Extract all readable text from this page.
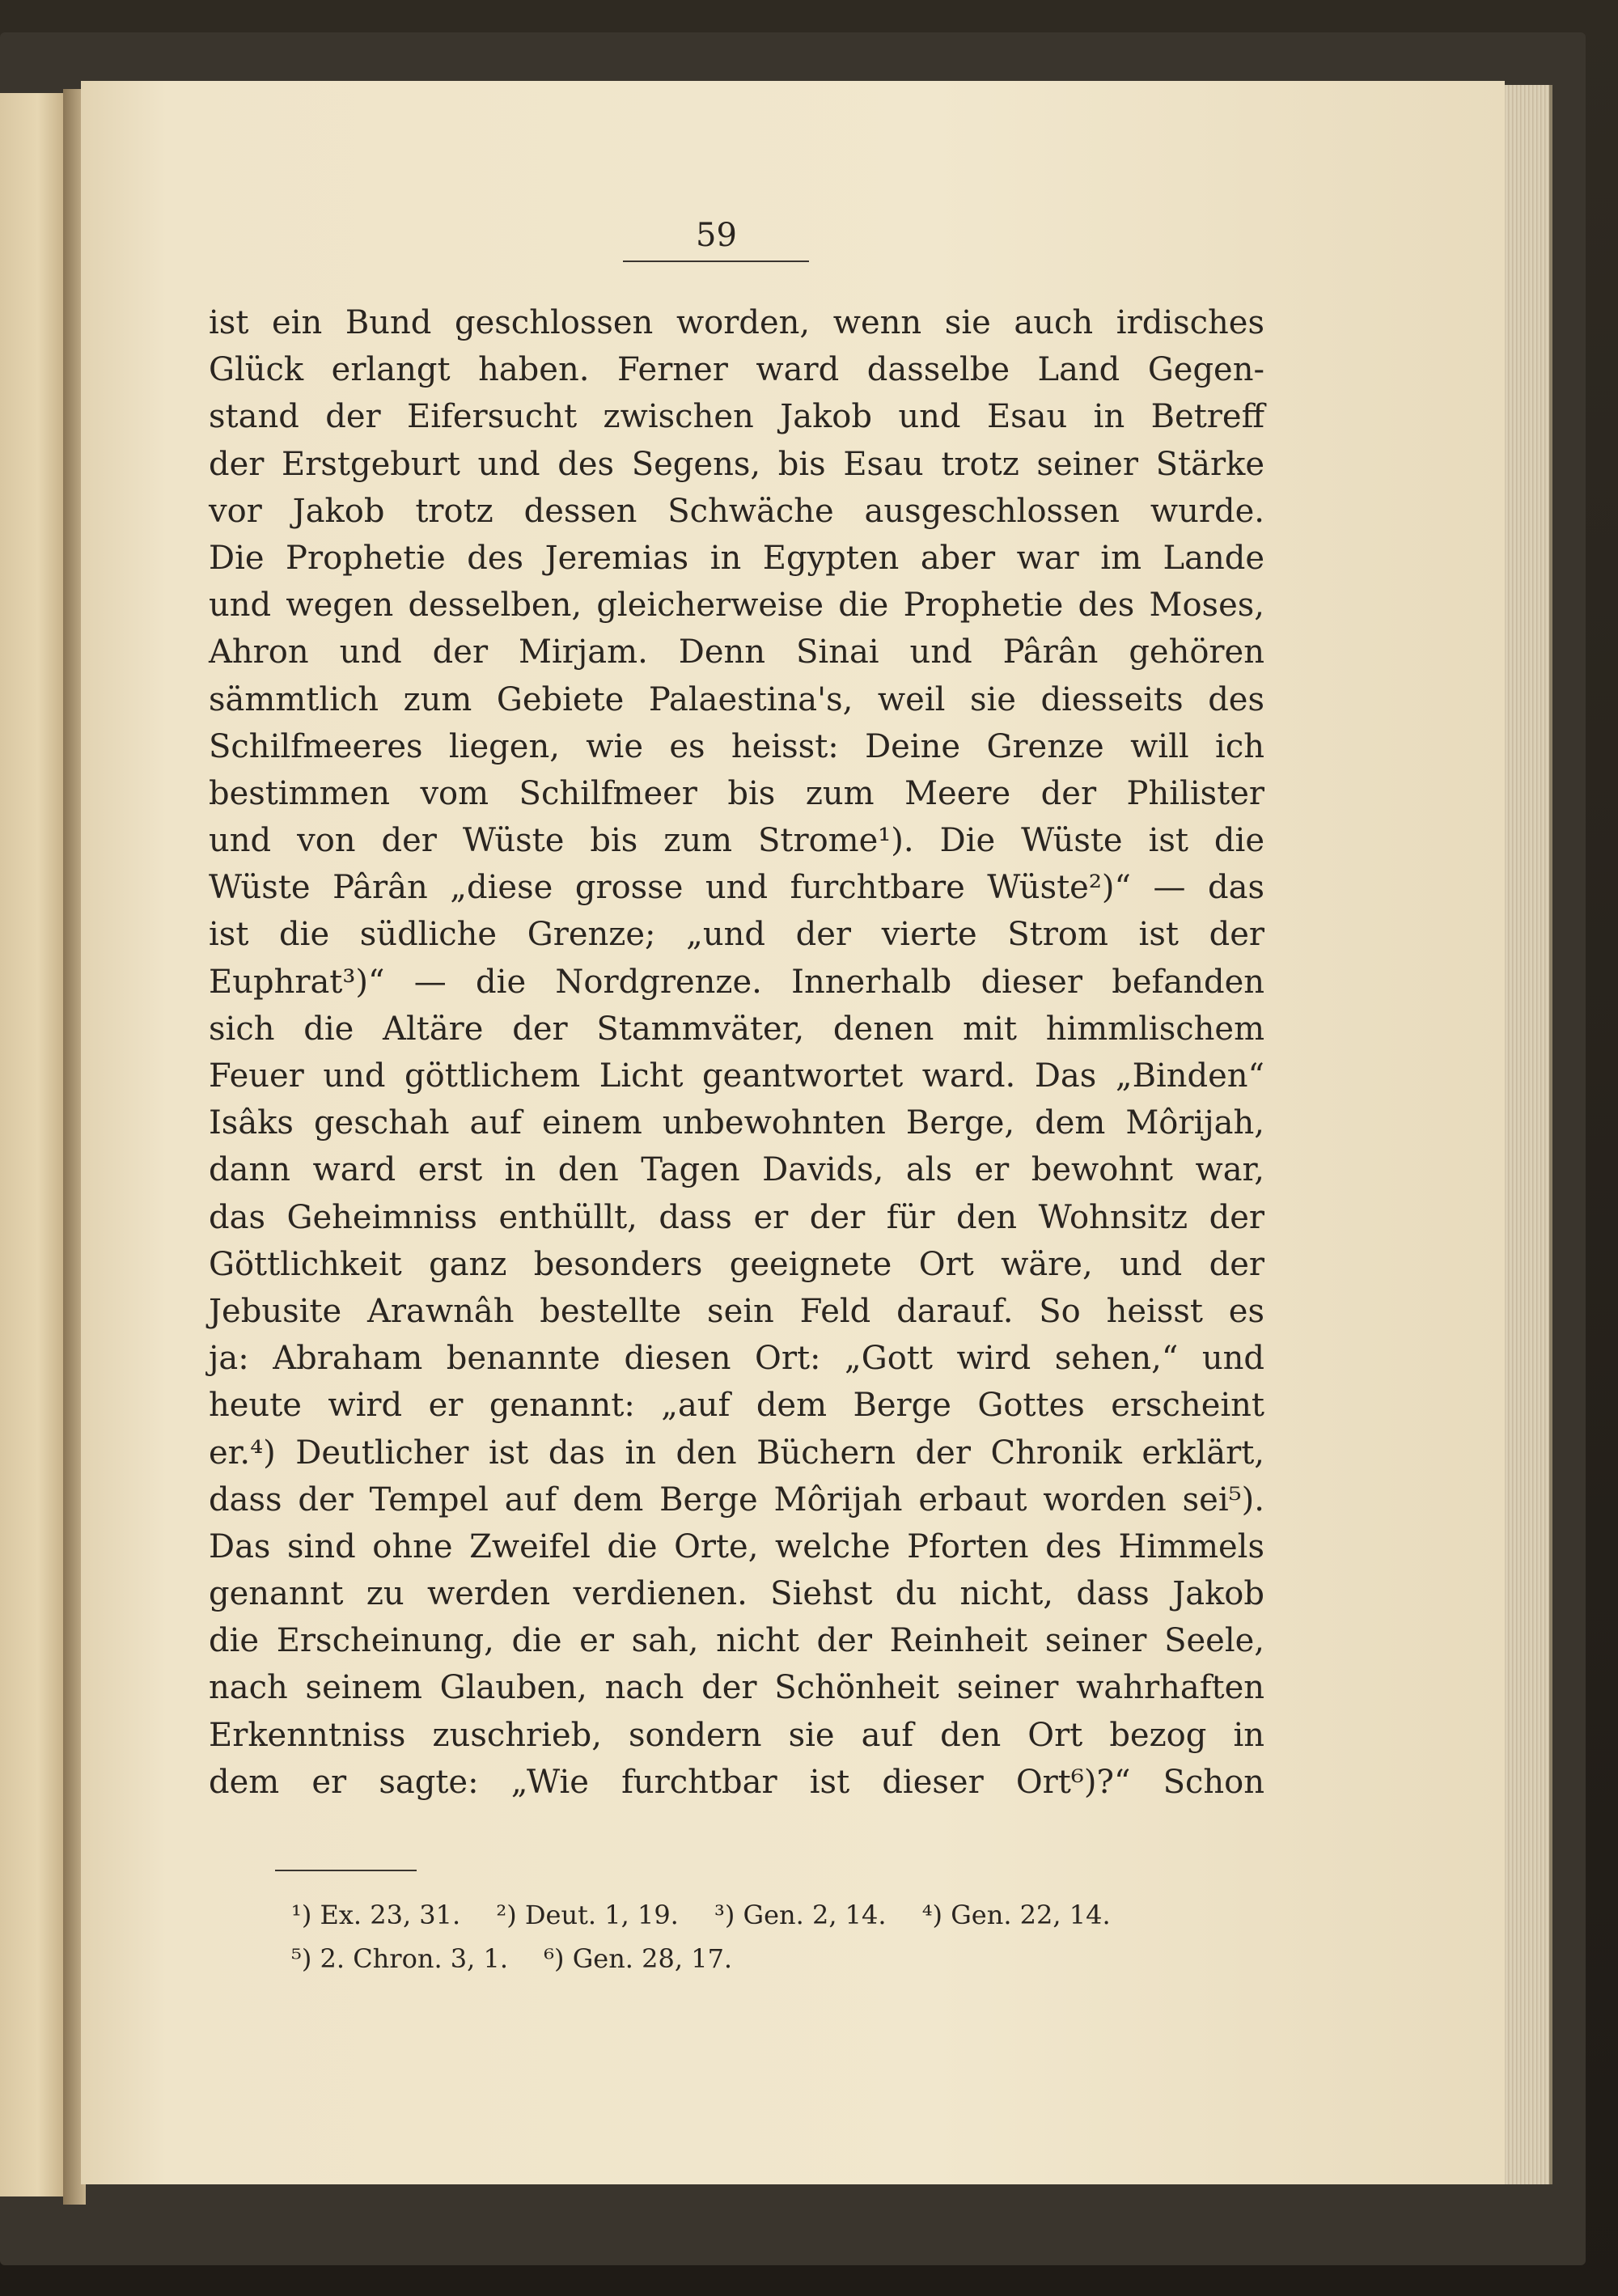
59
ist ein Bund geschlossen worden, wenn sie auch irdisches
Glück erlangt haben. Ferner ward dasselbe Land Gegen-
stand der Eifersucht zwischen Jakob und Esau in Betreff
der Erstgeburt und des Segens, bis Esau trotz seiner Stärke
vor Jakob trotz dessen Schwäche ausgeschlossen wurde.
Die Prophetie des Jeremias in Egypten aber war im Lande
und wegen desselben, gleicherweise die Prophetie des Moses,
Ahron und der Mirjam. Denn Sinai und Pârân gehören
sämmtlich zum Gebiete Palaestina's, weil sie diesseits des
Schilfmeeres liegen, wie es heisst: Deine Grenze will ich
bestimmen vom Schilfmeer bis zum Meere der Philister
und von der Wüste bis zum Strome¹). Die Wüste ist die
Wüste Pârân „diese grosse und furchtbare Wüste²)“ — das
ist die südliche Grenze; „und der vierte Strom ist der
Euphrat³)“ — die Nordgrenze. Innerhalb dieser befanden
sich die Altäre der Stammväter, denen mit himmlischem
Feuer und göttlichem Licht geantwortet ward. Das „Binden“
Isâks geschah auf einem unbewohnten Berge, dem Môrijah,
dann ward erst in den Tagen Davids, als er bewohnt war,
das Geheimniss enthüllt, dass er der für den Wohnsitz der
Göttlichkeit ganz besonders geeignete Ort wäre, und der
Jebusite Arawnâh bestellte sein Feld darauf. So heisst es
ja: Abraham benannte diesen Ort: „Gott wird sehen,“ und
heute wird er genannt: „auf dem Berge Gottes erscheint
er.⁴) Deutlicher ist das in den Büchern der Chronik erklärt,
dass der Tempel auf dem Berge Môrijah erbaut worden sei⁵).
Das sind ohne Zweifel die Orte, welche Pforten des Himmels
genannt zu werden verdienen. Siehst du nicht, dass Jakob
die Erscheinung, die er sah, nicht der Reinheit seiner Seele,
nach seinem Glauben, nach der Schönheit seiner wahrhaften
Erkenntniss zuschrieb, sondern sie auf den Ort bezog in
dem er sagte: „Wie furchtbar ist dieser Ort⁶)?“ Schon
¹) Ex. 23, 31. ²) Deut. 1, 19. ³) Gen. 2, 14. ⁴) Gen. 22, 14.
⁵) 2. Chron. 3, 1. ⁶) Gen. 28, 17.
